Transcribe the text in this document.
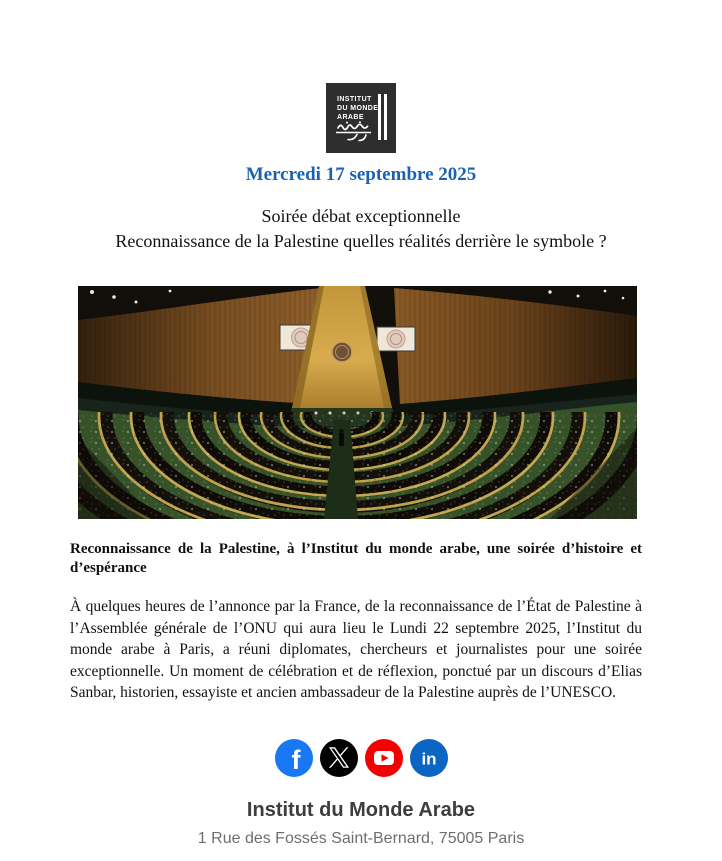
INSTITUT
DU MONDE
ARABE
Mercredi 17 septembre 2025
Soirée débat exceptionnelle
Reconnaissance de la Palestine quelles réalités derrière le symbole ?
Reconnaissance de la Palestine, à l’Institut du monde arabe, une soirée d’histoire et d’espérance
À quelques heures de l’annonce par la France, de la reconnaissance de l’État de Palestine à l’Assemblée générale de l’ONU qui aura lieu le Lundi 22 septembre 2025, l’Institut du monde arabe à Paris, a réuni diplomates, chercheurs et journalistes pour une soirée exceptionnelle. Un moment de célébration et de réflexion, ponctué par un discours d’Elias Sanbar, historien, essayiste et ancien ambassadeur de la Palestine auprès de l’UNESCO.
f	in
Institut du Monde Arabe
1 Rue des Fossés Saint-Bernard, 75005 Paris
